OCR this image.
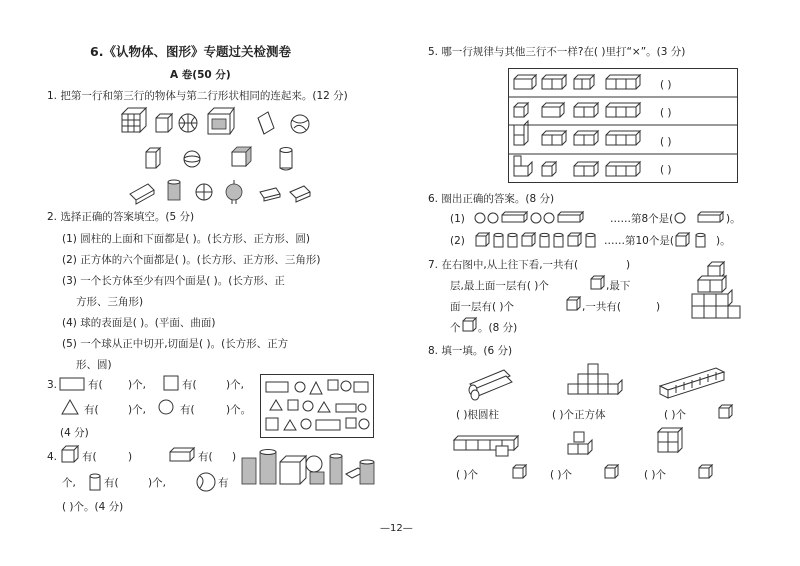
6.《认物体、图形》专题过关检测卷
A 卷(50 分)
1. 把第一行和第三行的物体与第二行形状相同的连起来。(12 分)
2. 选择正确的答案填空。(5 分)
(1) 圆柱的上面和下面都是( )。(长方形、正方形、圆)
(2) 正方体的六个面都是( )。(长方形、正方形、三角形)
(3) 一个长方体至少有四个面是( )。(长方形、正
方形、三角形)
(4) 球的表面是( )。(平面、曲面)
(5) 一个球从正中切开,切面是( )。(长方形、正方
形、圆)
3.	有( )个,	有(	)个,
有(	)个,	有(	)个。
(4 分)
4. 有(	)	有( )
个,	有(	)个,	有
( )个。(4 分)
5. 哪一行规律与其他三行不一样?在( )里打“×”。(3 分)
( )
( )
( )
( )
6. 圈出正确的答案。(8 分)
(1)	……第8个是(	)。
(2)	……第10个是(	)。
7. 在右图中,从上往下看,一共有(	)
层,最上面一层有( )个	,最下
面一层有( )个	,一共有(	)
个 。(8 分)
8. 填一填。(6 分)
( )根圆柱	( )个正方体	( )个
( )个	( )个	( )个
—12—
